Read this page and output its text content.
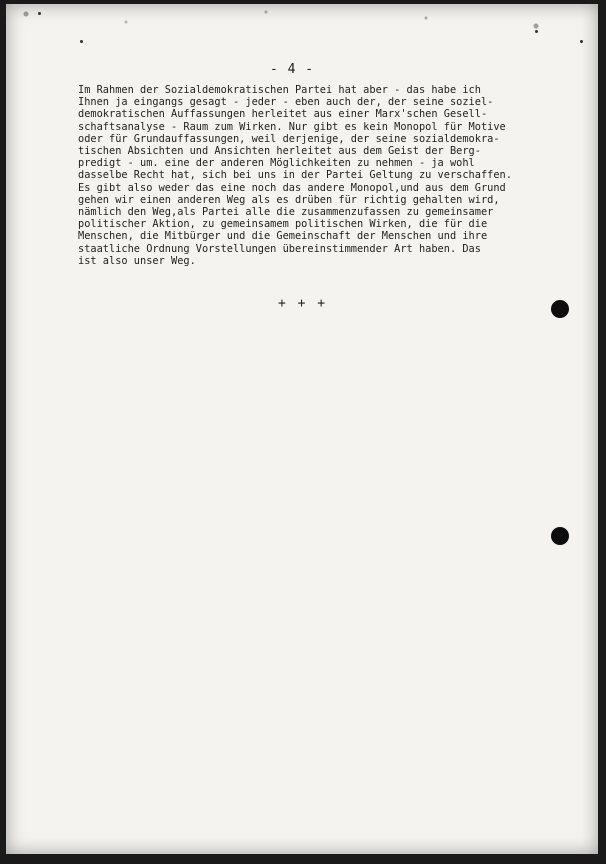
- 4 -
Im Rahmen der Sozialdemokratischen Partei hat aber - das habe ich
Ihnen ja eingangs gesagt - jeder - eben auch der, der seine soziel-
demokratischen Auffassungen herleitet aus einer Marx'schen Gesell-
schaftsanalyse - Raum zum Wirken. Nur gibt es kein Monopol für Motive
oder für Grundauffassungen, weil derjenige, der seine sozialdemokra-
tischen Absichten und Ansichten herleitet aus dem Geist der Berg-
predigt - um. eine der anderen Möglichkeiten zu nehmen - ja wohl
dasselbe Recht hat, sich bei uns in der Partei Geltung zu verschaffen.
Es gibt also weder das eine noch das andere Monopol,und aus dem Grund
gehen wir einen anderen Weg als es drüben für richtig gehalten wird,
nämlich den Weg,als Partei alle die zusammenzufassen zu gemeinsamer
politischer Aktion, zu gemeinsamem politischen Wirken, die für die
Menschen, die Mitbürger und die Gemeinschaft der Menschen und ihre
staatliche Ordnung Vorstellungen übereinstimmender Art haben. Das
ist also unser Weg.
+ + +
